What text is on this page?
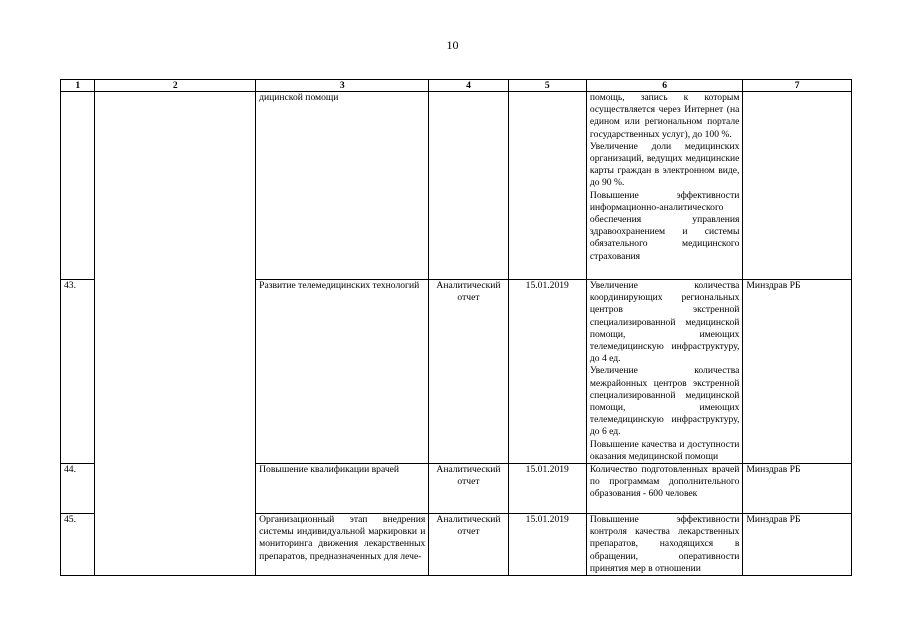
10
1	2	3	4	5	6	7
		дицинской помощи			помощь, запись к которым осуществляется через Интернет (на едином или региональном портале государственных услуг), до 100 %.

Увеличение доли медицинских организаций, ведущих медицинские карты граждан в электронном виде, до 90 %.

Повышение эффективности информационно-аналитического обеспечения управления здравоохранением и системы обязательного медицинского страхования	

43.		Развитие телемедицинских технологий	Аналитический отчет	15.01.2019	Увеличение количества координирующих региональных центров экстренной специализированной медицинской помощи, имеющих телемедицинскую инфраструктуру, до 4 ед.

Увеличение количества межрайонных центров экстренной специализированной медицинской помощи, имеющих телемедицинскую инфраструктуру, до 6 ед.

Повышение качества и доступности оказания медицинской помощи	Минздрав РБ
44.		Повышение квалификации врачей	Аналитический отчет	15.01.2019	Количество подготовленных врачей по программам дополнительного образования - 600 человек	Минздрав РБ
45.		Организационный этап внедрения системы индивидуальной маркировки и мониторинга движения лекарственных препаратов, предназначенных для лече-	Аналитический отчет	15.01.2019	Повышение эффективности контроля качества лекарственных препаратов, находящихся в обращении, оперативности принятия мер в отношении	Минздрав РБ
